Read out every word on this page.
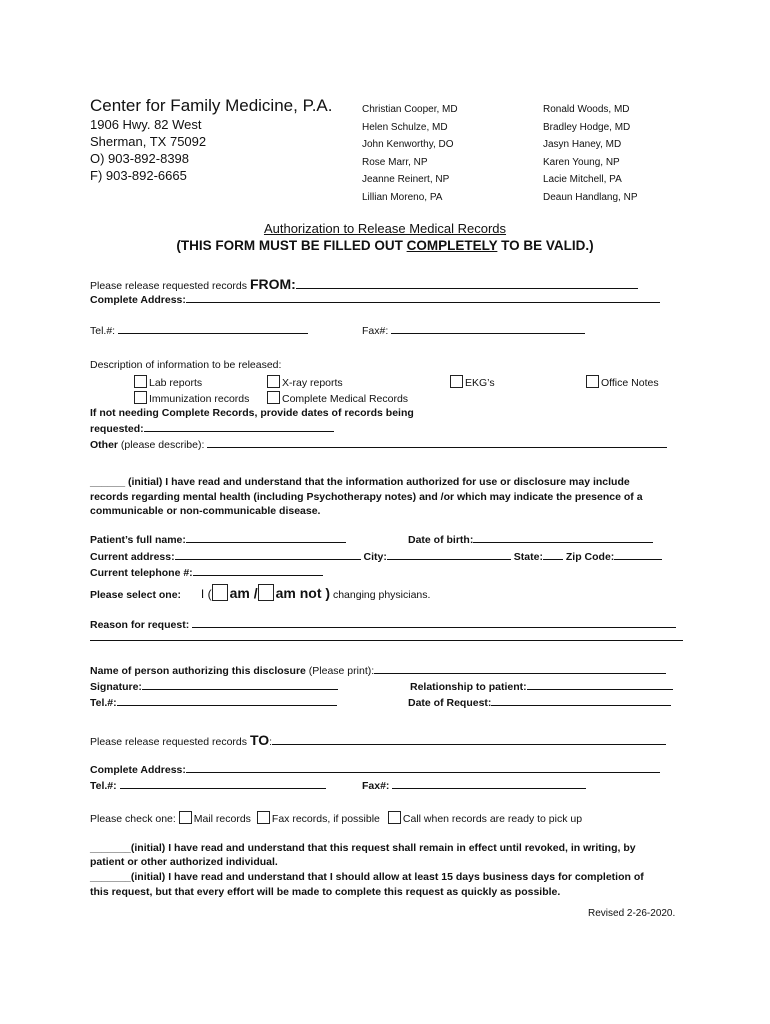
Center for Family Medicine, P.A.
1906 Hwy. 82 West
Sherman, TX 75092
O) 903-892-8398
F) 903-892-6665
Christian Cooper, MD
Helen Schulze, MD
John Kenworthy, DO
Rose Marr, NP
Jeanne Reinert, NP
Lillian Moreno, PA
Ronald Woods, MD
Bradley Hodge, MD
Jasyn Haney, MD
Karen Young, NP
Lacie Mitchell, PA
Deaun Handlang, NP
Authorization to Release Medical Records
(THIS FORM MUST BE FILLED OUT COMPLETELY TO BE VALID.)
Please release requested records FROM:
Complete Address:
Tel.#:	Fax#:
Description of information to be released:
Lab reports	X-ray reports	EKG’s	Office Notes
Immunization records	Complete Medical Records
If not needing Complete Records, provide dates of records being
requested:
Other (please describe):
______ (initial) I have read and understand that the information authorized for use or disclosure may include
records regarding mental health (including Psychotherapy notes) and /or which may indicate the presence of a
communicable or non-communicable disease.
Patient’s full name:	Date of birth:
Current address:	City:	State: Zip Code:
Current telephone #:
Please select one: I ( am / am not ) changing physicians.
Reason for request:
Name of person authorizing this disclosure (Please print):
Signature:	Relationship to patient:
Tel.#:	Date of Request:
Please release requested records TO:
Complete Address:
Tel.#:	Fax#:
Please check one: Mail records Fax records, if possible Call when records are ready to pick up
_______(initial) I have read and understand that this request shall remain in effect until revoked, in writing, by
patient or other authorized individual.
_______(initial) I have read and understand that I should allow at least 15 days business days for completion of
this request, but that every effort will be made to complete this request as quickly as possible.
Revised 2-26-2020.
